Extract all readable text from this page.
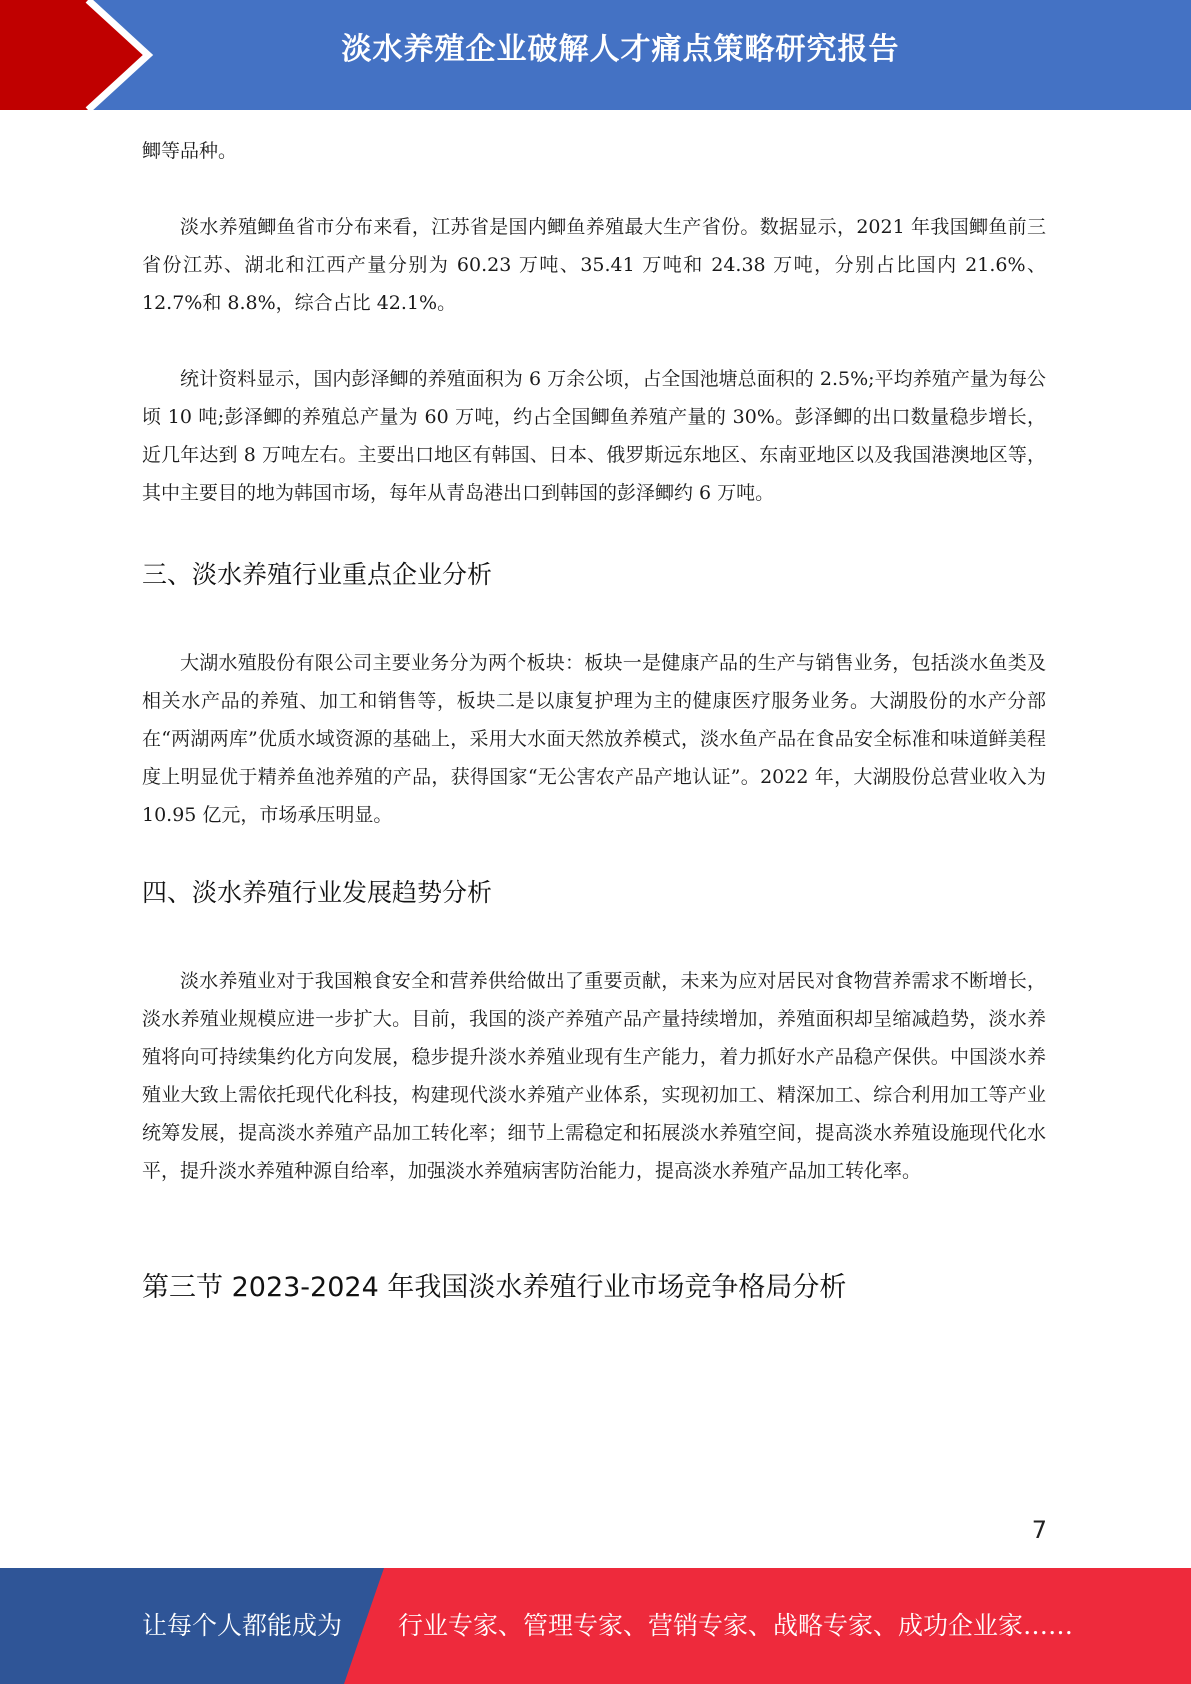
淡水养殖企业破解人才痛点策略研究报告

鲫等品种。

淡水养殖鲫鱼省市分布来看，江苏省是国内鲫鱼养殖最大生产省份。数据显示，2021 年我国鲫鱼前三省份江苏、湖北和江西产量分别为 60.23 万吨、35.41 万吨和 24.38 万吨，分别占比国内 21.6%、12.7%和 8.8%，综合占比 42.1%。

统计资料显示，国内彭泽鲫的养殖面积为 6 万余公顷，占全国池塘总面积的 2.5%;平均养殖产量为每公顷 10 吨;彭泽鲫的养殖总产量为 60 万吨，约占全国鲫鱼养殖产量的 30%。彭泽鲫的出口数量稳步增长，近几年达到 8 万吨左右。主要出口地区有韩国、日本、俄罗斯远东地区、东南亚地区以及我国港澳地区等，其中主要目的地为韩国市场，每年从青岛港出口到韩国的彭泽鲫约 6 万吨。

三、淡水养殖行业重点企业分析

大湖水殖股份有限公司主要业务分为两个板块：板块一是健康产品的生产与销售业务，包括淡水鱼类及相关水产品的养殖、加工和销售等，板块二是以康复护理为主的健康医疗服务业务。大湖股份的水产分部在“两湖两库”优质水域资源的基础上，采用大水面天然放养模式，淡水鱼产品在食品安全标准和味道鲜美程度上明显优于精养鱼池养殖的产品，获得国家“无公害农产品产地认证”。2022 年，大湖股份总营业收入为 10.95 亿元，市场承压明显。

四、淡水养殖行业发展趋势分析

淡水养殖业对于我国粮食安全和营养供给做出了重要贡献，未来为应对居民对食物营养需求不断增长，淡水养殖业规模应进一步扩大。目前，我国的淡产养殖产品产量持续增加，养殖面积却呈缩减趋势，淡水养殖将向可持续集约化方向发展，稳步提升淡水养殖业现有生产能力，着力抓好水产品稳产保供。中国淡水养殖业大致上需依托现代化科技，构建现代淡水养殖产业体系，实现初加工、精深加工、综合利用加工等产业统筹发展，提高淡水养殖产品加工转化率；细节上需稳定和拓展淡水养殖空间，提高淡水养殖设施现代化水平，提升淡水养殖种源自给率，加强淡水养殖病害防治能力，提高淡水养殖产品加工转化率。

第三节 2023-2024 年我国淡水养殖行业市场竞争格局分析
7
让每个人都能成为 行业专家、管理专家、营销专家、战略专家、成功企业家……
